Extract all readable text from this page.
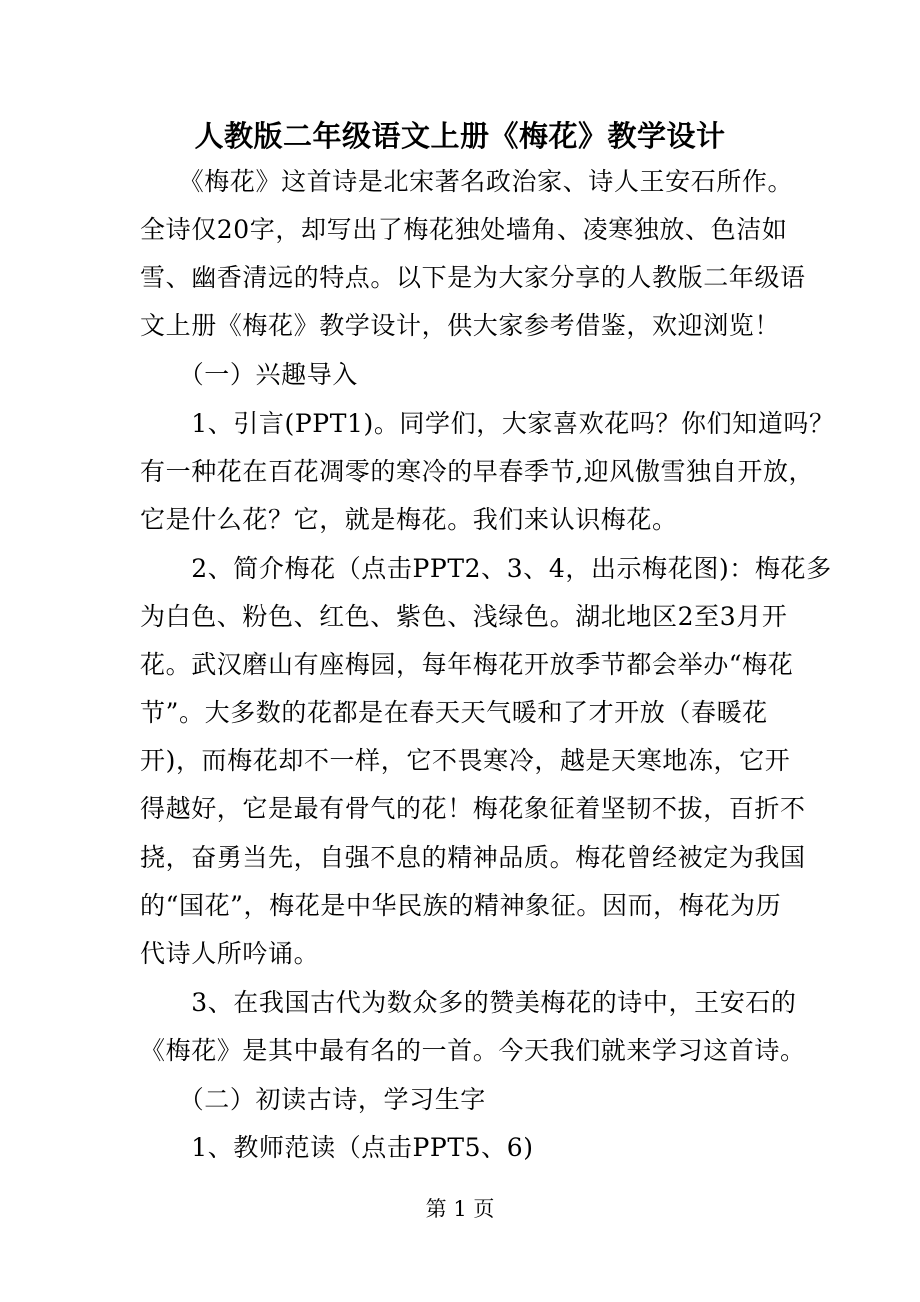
人教版二年级语文上册《梅花》教学设计
　　《梅花》这首诗是北宋著名政治家、诗人王安石所作。
全诗仅20字，却写出了梅花独处墙角、凌寒独放、色洁如
雪、幽香清远的特点。以下是为大家分享的人教版二年级语
文上册《梅花》教学设计，供大家参考借鉴，欢迎浏览！
　　（一）兴趣导入
　　1、引言(PPT1)。同学们，大家喜欢花吗？你们知道吗？
有一种花在百花凋零的寒冷的早春季节,迎风傲雪独自开放，
它是什么花？它，就是梅花。我们来认识梅花。
　　2、简介梅花（点击PPT2、3、4，出示梅花图)：梅花多
为白色、粉色、红色、紫色、浅绿色。湖北地区2至3月开
花。武汉磨山有座梅园，每年梅花开放季节都会举办“梅花
节”。大多数的花都是在春天天气暖和了才开放（春暖花
开)，而梅花却不一样，它不畏寒冷，越是天寒地冻，它开
得越好，它是最有骨气的花！梅花象征着坚韧不拔，百折不
挠，奋勇当先，自强不息的精神品质。梅花曾经被定为我国
的“国花”，梅花是中华民族的精神象征。因而，梅花为历
代诗人所吟诵。
　　3、在我国古代为数众多的赞美梅花的诗中，王安石的
《梅花》是其中最有名的一首。今天我们就来学习这首诗。
　　（二）初读古诗，学习生字
　　1、教师范读（点击PPT5、6)
第 1 页
